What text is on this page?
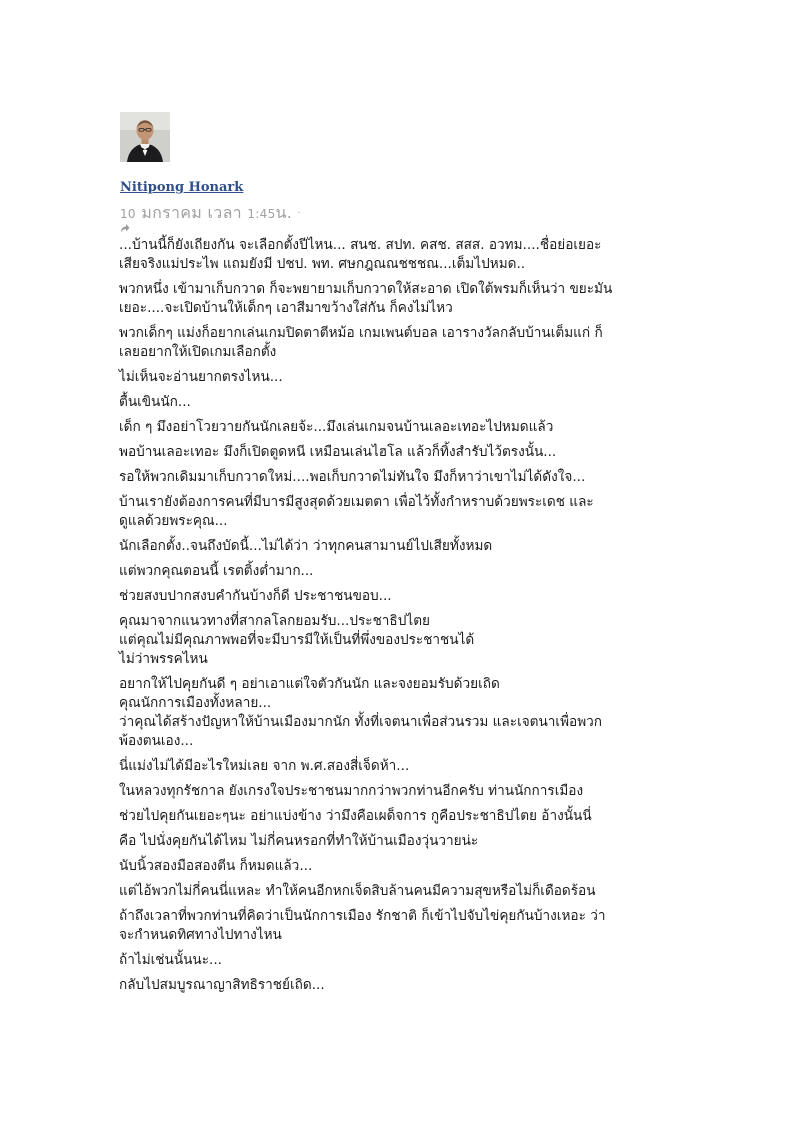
Nitipong Honark
10 มกราคม เวลา 1:45น. ·

...บ้านนี้ก็ยังเถียงกัน จะเลือกตั้งปีไหน... สนช. สปท. คสช. สสส. อวทม....ชื่อย่อเยอะ
เสียจริงแม่ประไพ แถมยังมี ปชป. พท. ศษกฎณณชชชณ...เต็มไปหมด..

พวกหนึ่ง เข้ามาเก็บกวาด ก็จะพยายามเก็บกวาดให้สะอาด เปิดใต้พรมก็เห็นว่า ขยะมัน
เยอะ....จะเปิดบ้านให้เด็กๆ เอาสีมาขว้างใส่กัน ก็คงไม่ไหว

พวกเด็กๆ แม่งก็อยากเล่นเกมปิดตาตีหม้อ เกมเพนต์บอล เอารางวัลกลับบ้านเต็มแก่ ก็
เลยอยากให้เปิดเกมเลือกตั้ง

ไม่เห็นจะอ่านยากตรงไหน...

ตื้นเขินนัก...

เด็ก ๆ มึงอย่าโวยวายกันนักเลยจ้ะ...มึงเล่นเกมจนบ้านเลอะเทอะไปหมดแล้ว

พอบ้านเลอะเทอะ มึงก็เปิดตูดหนี เหมือนเล่นไฮโล แล้วก็ทิ้งสำรับไว้ตรงนั้น...

รอให้พวกเดิมมาเก็บกวาดใหม่....พอเก็บกวาดไม่ทันใจ มึงก็หาว่าเขาไม่ได้ดังใจ...

บ้านเรายังต้องการคนที่มีบารมีสูงสุดด้วยเมตตา เพื่อไว้ทั้งกำหราบด้วยพระเดช และ
ดูแลด้วยพระคุณ...

นักเลือกตั้ง..จนถึงบัดนี้...ไม่ได้ว่า ว่าทุกคนสามานย์ไปเสียทั้งหมด

แต่พวกคุณตอนนี้ เรตติ้งต่ำมาก...

ช่วยสงบปากสงบคำกันบ้างก็ดี ประชาชนขอบ...

คุณมาจากแนวทางที่สากลโลกยอมรับ...ประชาธิปไตย
แต่คุณไม่มีคุณภาพพอที่จะมีบารมีให้เป็นที่พึ่งของประชาชนได้
ไม่ว่าพรรคไหน

อยากให้ไปคุยกันดี ๆ อย่าเอาแต่ใจตัวกันนัก และจงยอมรับด้วยเถิด
คุณนักการเมืองทั้งหลาย...
ว่าคุณได้สร้างปัญหาให้บ้านเมืองมากนัก ทั้งที่เจตนาเพื่อส่วนรวม และเจตนาเพื่อพวก
พ้องตนเอง...

นี่แม่งไม่ได้มีอะไรใหม่เลย จาก พ.ศ.สองสี่เจ็ดห้า...

ในหลวงทุกรัชกาล ยังเกรงใจประชาชนมากกว่าพวกท่านอีกครับ ท่านนักการเมือง

ช่วยไปคุยกันเยอะๆนะ อย่าแบ่งข้าง ว่ามึงคือเผด็จการ กูคือประชาธิปไตย อ้างนั้นนี่

คือ ไปนั่งคุยกันได้ไหม ไม่กี่คนหรอกที่ทำให้บ้านเมืองวุ่นวายน่ะ

นับนิ้วสองมือสองตีน ก็หมดแล้ว...

แต่ไอ้พวกไม่กี่คนนี่แหละ ทำให้คนอีกหกเจ็ดสิบล้านคนมีความสุขหรือไม่ก็เดือดร้อน

ถ้าถึงเวลาที่พวกท่านที่คิดว่าเป็นนักการเมือง รักชาติ ก็เข้าไปจับไข่คุยกันบ้างเหอะ ว่า
จะกำหนดทิศทางไปทางไหน

ถ้าไม่เช่นนั้นนะ...

กลับไปสมบูรณาญาสิทธิราชย์เถิด...
